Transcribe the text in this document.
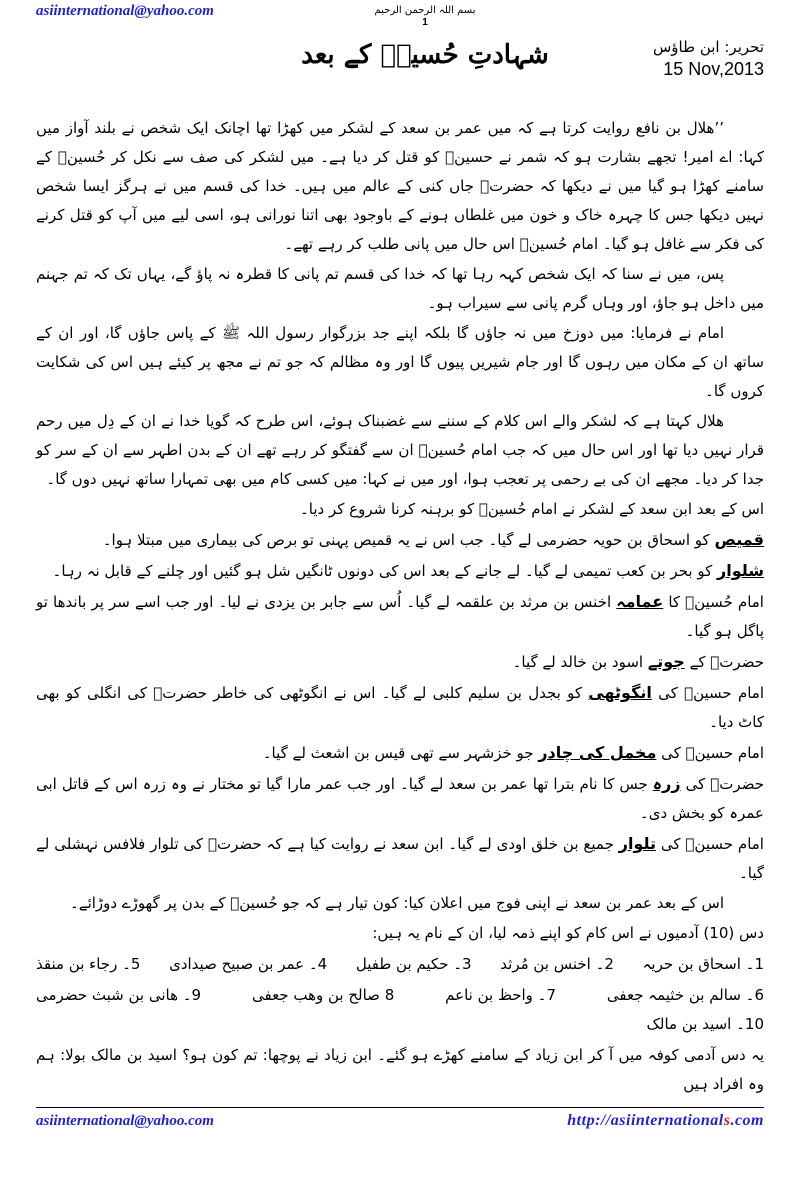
asiinternational@yahoo.com	بسم اللہ الرحمن الرحیم
1
شہادتِ حُسینؑ کے بعد	تحریر: ابن طاؤس
15 Nov,2013

’’ھلال بن نافع روایت کرتا ہے کہ میں عمر بن سعد کے لشکر میں کھڑا تھا اچانک ایک شخص نے بلند آواز میں کہا: اے امیر! تجھے بشارت ہو کہ شمر نے حسینؑ کو قتل کر دیا ہے۔ میں لشکر کی صف سے نکل کر حُسینؑ کے سامنے کھڑا ہو گیا میں نے دیکھا کہ حضرتؑ جاں کنی کے عالم میں ہیں۔ خدا کی قسم میں نے ہرگز ایسا شخص نہیں دیکھا جس کا چہرہ خاک و خون میں غلطاں ہونے کے باوجود بھی اتنا نورانی ہو، اسی لیے میں آپ کو قتل کرنے کی فکر سے غافل ہو گیا۔ امام حُسینؑ اس حال میں پانی طلب کر رہے تھے۔

پس، میں نے سنا کہ ایک شخص کہہ رہا تھا کہ خدا کی قسم تم پانی کا قطرہ نہ پاؤ گے، یہاں تک کہ تم جہنم میں داخل ہو جاؤ، اور وہاں گرم پانی سے سیراب ہو۔

امام نے فرمایا: میں دوزخ میں نہ جاؤں گا بلکہ اپنے جد بزرگوار رسول اللہ ﷺ کے پاس جاؤں گا، اور ان کے ساتھ ان کے مکان میں رہوں گا اور جام شیریں پیوں گا اور وہ مظالم کہ جو تم نے مجھ پر کیئے ہیں اس کی شکایت کروں گا۔

ھلال کہتا ہے کہ لشکر والے اس کلام کے سننے سے غضبناک ہوئے، اس طرح کہ گویا خدا نے ان کے دِل میں رحم قرار نہیں دیا تھا اور اس حال میں کہ جب امام حُسینؑ ان سے گفتگو کر رہے تھے ان کے بدن اطہر سے ان کے سر کو جدا کر دیا۔ مجھے ان کی بے رحمی پر تعجب ہوا، اور میں نے کہا: میں کسی کام میں بھی تمہارا ساتھ نہیں دوں گا۔

اس کے بعد ابن سعد کے لشکر نے امام حُسینؑ کو برہنہ کرنا شروع کر دیا۔

قمیص کو اسحاق بن حویہ حضرمی لے گیا۔ جب اس نے یہ قمیص پہنی تو برص کی بیماری میں مبتلا ہوا۔

شلوار کو بحر بن کعب تمیمی لے گیا۔ لے جانے کے بعد اس کی دونوں ٹانگیں شل ہو گئیں اور چلنے کے قابل نہ رہا۔

امام حُسینؑ کا عمامہ اخنس بن مرثد بن علقمہ لے گیا۔ اُس سے جابر بن یزدی نے لیا۔ اور جب اسے سر پر باندھا تو پاگل ہو گیا۔

حضرتؑ کے جوتے اسود بن خالد لے گیا۔

امام حسینؑ کی انگوٹھی کو بجدل بن سلیم کلبی لے گیا۔ اس نے انگوٹھی کی خاطر حضرتؑ کی انگلی کو بھی کاٹ دیا۔

امام حسینؑ کی مخمل کی چادر جو خزشہر سے تھی قیس بن اشعث لے گیا۔

حضرتؑ کی زرہ جس کا نام بترا تھا عمر بن سعد لے گیا۔ اور جب عمر مارا گیا تو مختار نے وہ زرہ اس کے قاتل ابی عمرہ کو بخش دی۔

امام حسینؑ کی تلوار جمیع بن خلق اودی لے گیا۔ ابن سعد نے روایت کیا ہے کہ حضرتؑ کی تلوار فلافس نہشلی لے گیا۔

اس کے بعد عمر بن سعد نے اپنی فوج میں اعلان کیا: کون تیار ہے کہ جو حُسینؑ کے بدن پر گھوڑے دوڑائے۔

دس (10) آدمیوں نے اس کام کو اپنے ذمہ لیا، ان کے نام یہ ہیں:

1۔ اسحاق بن حریہ
2۔ اخنس بن مُرثد
3۔ حکیم بن طفیل
4۔ عمر بن صبیح صیدادی
5۔ رجاء بن منقذ
6۔ سالم بن خثیمہ جعفی
7۔ واحظ بن ناعم
8 صالح بن وھب جعفی
9۔ ھانی بن شبث حضرمی
10۔ اسید بن مالک

یہ دس آدمی کوفہ میں آ کر ابن زیاد کے سامنے کھڑے ہو گئے۔ ابن زیاد نے پوچھا: تم کون ہو؟ اسید بن مالک بولا: ہم وہ افراد ہیں

asiinternational@yahoo.com	http://asiinternationals.com
